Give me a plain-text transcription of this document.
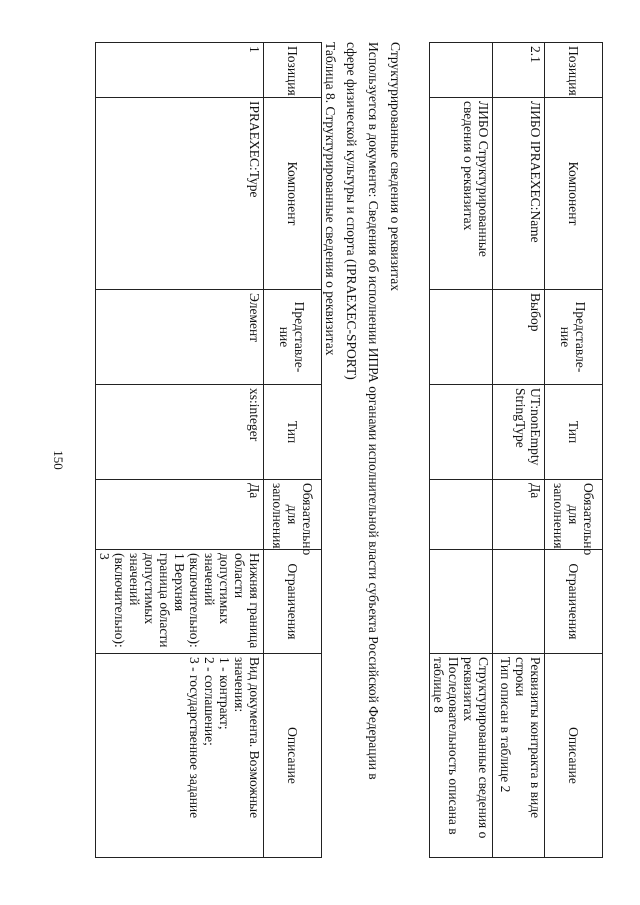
150
Позиция	Компонент	Представле-ние	Тип	Обязательно для заполнения	Ограничения	Описание
2.1	ЛИБО IPRAEXEC:Name	Выбор	UT:nonEmpty StringType	Да		Реквизиты контракта в виде строки
Тип описан в таблице 2

	ЛИБО Структурированные сведения о реквизитах					Структурированные сведения о реквизитах
Последовательность описана в таблице 8
Структурированные сведения о реквизитах
Используется в документе: Сведения об исполнении ИПРА органами исполнительной власти субъекта Российской Федерации в
сфере физической культуры и спорта (IPRAEXEC-SPORT)
Таблица 8. Структурированные сведения о реквизитах
Позиция	Компонент	Представле-ние	Тип	Обязательно для заполнения	Ограничения	Описание
1	IPRAEXEC:Type	Элемент	xs:integer	Да	Нижняя граница области допустимых значений (включительно): 1 Верхняя граница области допустимых значений (включительно): 3	Вид документа. Возможные значения:
1 - контракт;
2 - соглашение;
3 - государственное задание
